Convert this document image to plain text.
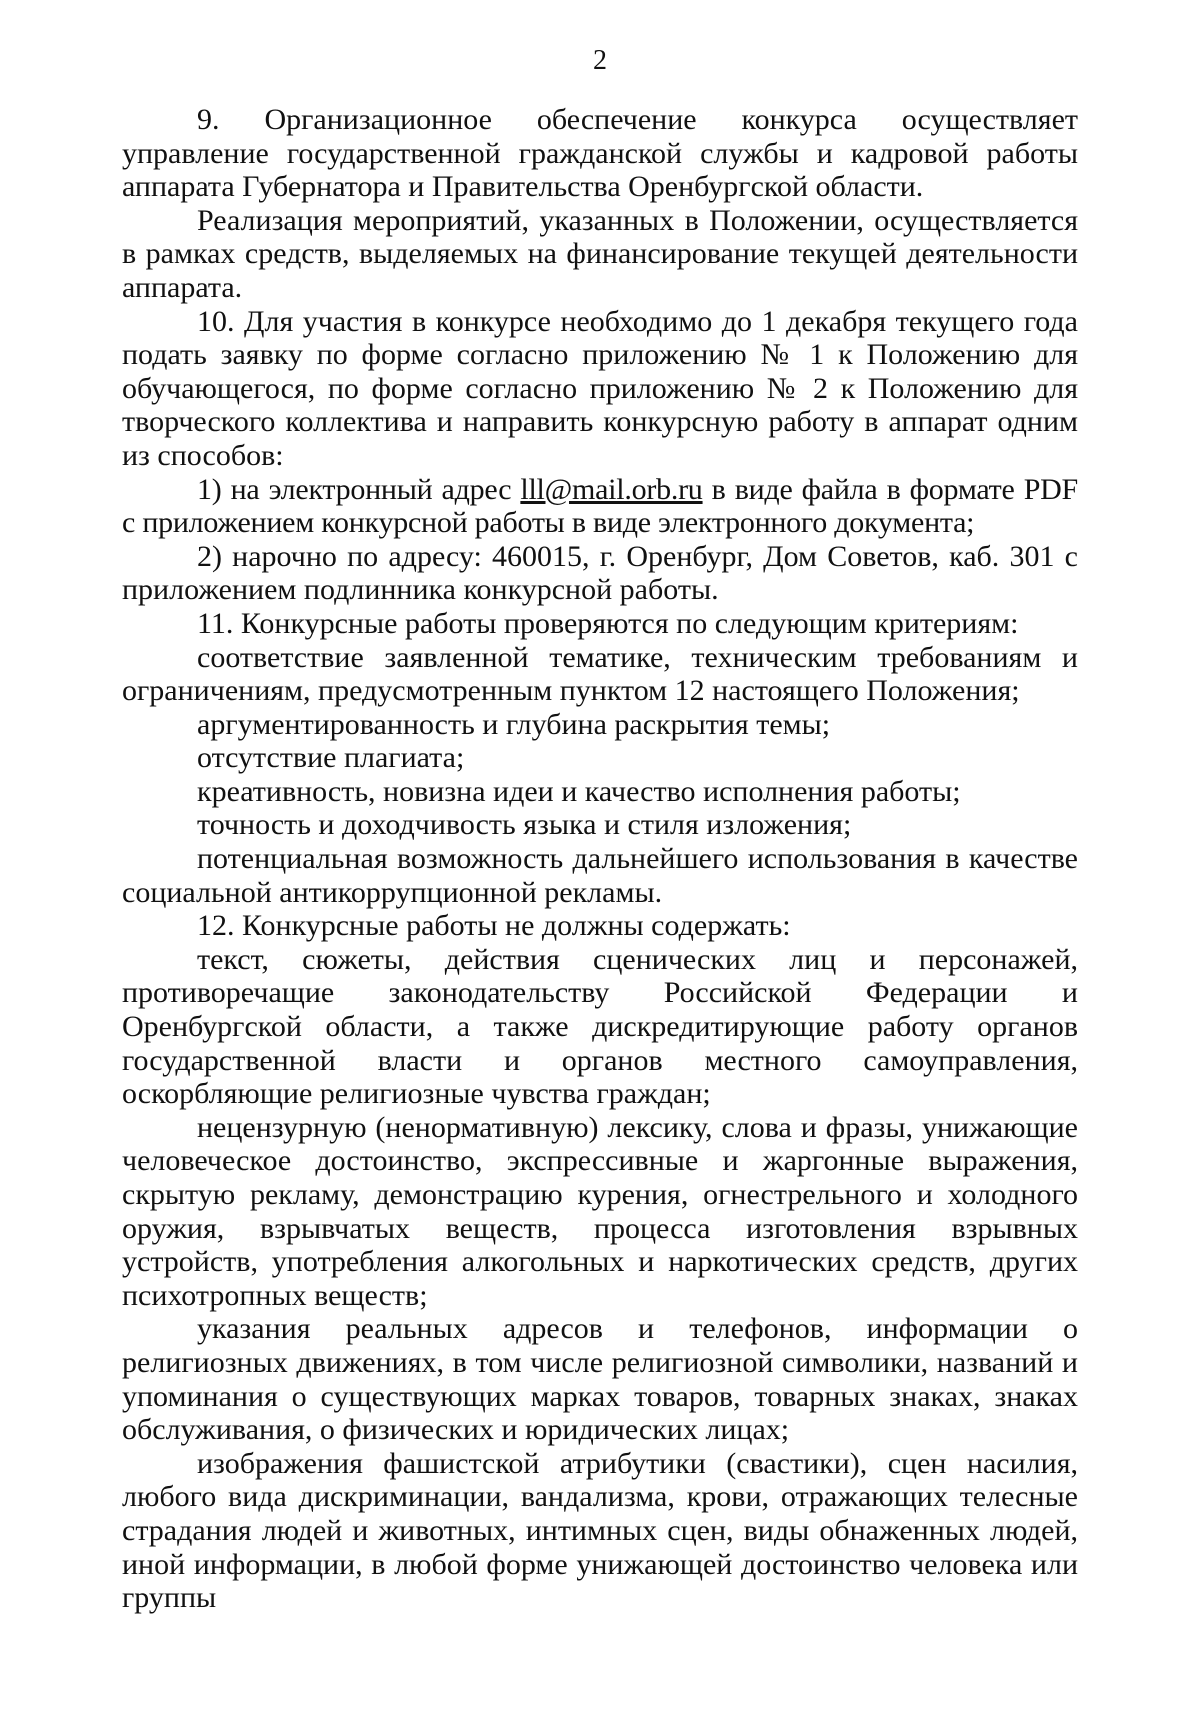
2

9. Организационное обеспечение конкурса осуществляет управление государственной гражданской службы и кадровой работы аппарата Губернатора и Правительства Оренбургской области.

Реализация мероприятий, указанных в Положении, осуществляется в рамках средств, выделяемых на финансирование текущей деятельности аппарата.

10. Для участия в конкурсе необходимо до 1 декабря текущего года подать заявку по форме согласно приложению № 1 к Положению для обучающегося, по форме согласно приложению № 2 к Положению для творческого коллектива и направить конкурсную работу в аппарат одним из способов:

1) на электронный адрес lll@mail.orb.ru в виде файла в формате PDF с приложением конкурсной работы в виде электронного документа;

2) нарочно по адресу: 460015, г. Оренбург, Дом Советов, каб. 301 с приложением подлинника конкурсной работы.

11. Конкурсные работы проверяются по следующим критериям:

соответствие заявленной тематике, техническим требованиям и ограничениям, предусмотренным пунктом 12 настоящего Положения;

аргументированность и глубина раскрытия темы;

отсутствие плагиата;

креативность, новизна идеи и качество исполнения работы;

точность и доходчивость языка и стиля изложения;

потенциальная возможность дальнейшего использования в качестве социальной антикоррупционной рекламы.

12. Конкурсные работы не должны содержать:

текст, сюжеты, действия сценических лиц и персонажей, противоречащие законодательству Российской Федерации и Оренбургской области, а также дискредитирующие работу органов государственной власти и органов местного самоуправления, оскорбляющие религиозные чувства граждан;

нецензурную (ненормативную) лексику, слова и фразы, унижающие человеческое достоинство, экспрессивные и жаргонные выражения, скрытую рекламу, демонстрацию курения, огнестрельного и холодного оружия, взрывчатых веществ, процесса изготовления взрывных устройств, употребления алкогольных и наркотических средств, других психотропных веществ;

указания реальных адресов и телефонов, информации о религиозных движениях, в том числе религиозной символики, названий и упоминания о существующих марках товаров, товарных знаках, знаках обслуживания, о физических и юридических лицах;

изображения фашистской атрибутики (свастики), сцен насилия, любого вида дискриминации, вандализма, крови, отражающих телесные страдания людей и животных, интимных сцен, виды обнаженных людей, иной информации, в любой форме унижающей достоинство человека или группы
